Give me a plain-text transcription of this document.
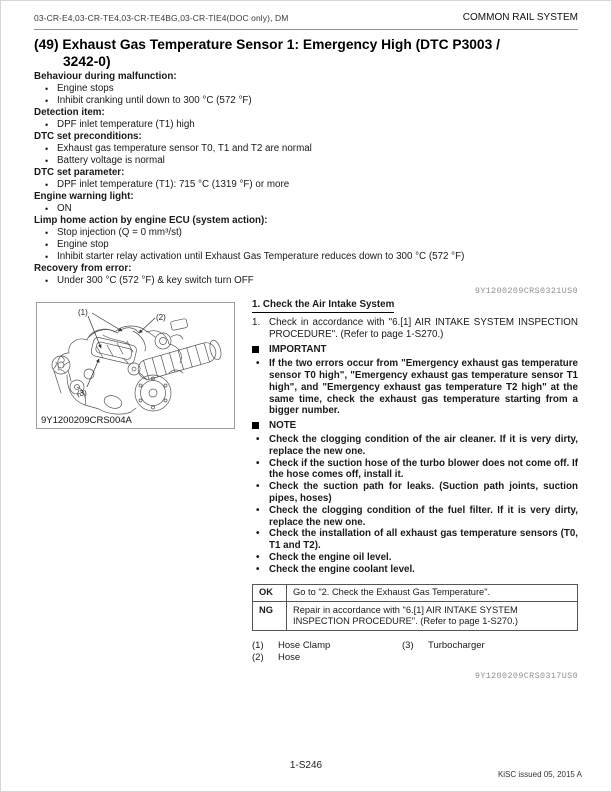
03-CR-E4,03-CR-TE4,03-CR-TE4BG,03-CR-TIE4(DOC only), DM	COMMON RAIL SYSTEM
(49) Exhaust Gas Temperature Sensor 1: Emergency High (DTC P3003 /
3242-0)
Behaviour during malfunction:
• Engine stops
• Inhibit cranking until down to 300 °C (572 °F)
Detection item:
• DPF inlet temperature (T1) high
DTC set preconditions:
• Exhaust gas temperature sensor T0, T1 and T2 are normal
• Battery voltage is normal
DTC set parameter:
• DPF inlet temperature (T1): 715 °C (1319 °F) or more
Engine warning light:
• ON
Limp home action by engine ECU (system action):
• Stop injection (Q = 0 mm³/st)
• Engine stop
• Inhibit starter relay activation until Exhaust Gas Temperature reduces down to 300 °C (572 °F)
Recovery from error:
• Under 300 °C (572 °F) & key switch turn OFF
9Y1200209CRS0321US0
(1)
(2)
(3)
9Y1200209CRS004A
1. Check the Air Intake System
1. Check in accordance with "6.[1] AIR INTAKE SYSTEM INSPECTION PROCEDURE". (Refer to page 1-S270.)
IMPORTANT
• If the two errors occur from "Emergency exhaust gas temperature sensor T0 high", "Emergency exhaust gas temperature sensor T1 high", and "Emergency exhaust gas temperature T2 high" at the same time, check the exhaust gas temperature starting from a bigger number.
NOTE
• Check the clogging condition of the air cleaner. If it is very dirty, replace the new one.
• Check if the suction hose of the turbo blower does not come off. If the hose comes off, install it.
• Check the suction path for leaks. (Suction path joints, suction pipes, hoses)
• Check the clogging condition of the fuel filter. If it is very dirty, replace the new one.
• Check the installation of all exhaust gas temperature sensors (T0, T1 and T2).
• Check the engine oil level.
• Check the engine coolant level.
OK	Go to "2. Check the Exhaust Gas Temperature".
NG	Repair in accordance with "6.[1] AIR INTAKE SYSTEM INSPECTION PROCEDURE". (Refer to page 1-S270.)
(1) Hose Clamp
(2) Hose
(3) Turbocharger
9Y1200209CRS0317US0
1-S246
KiSC issued 05, 2015 A
